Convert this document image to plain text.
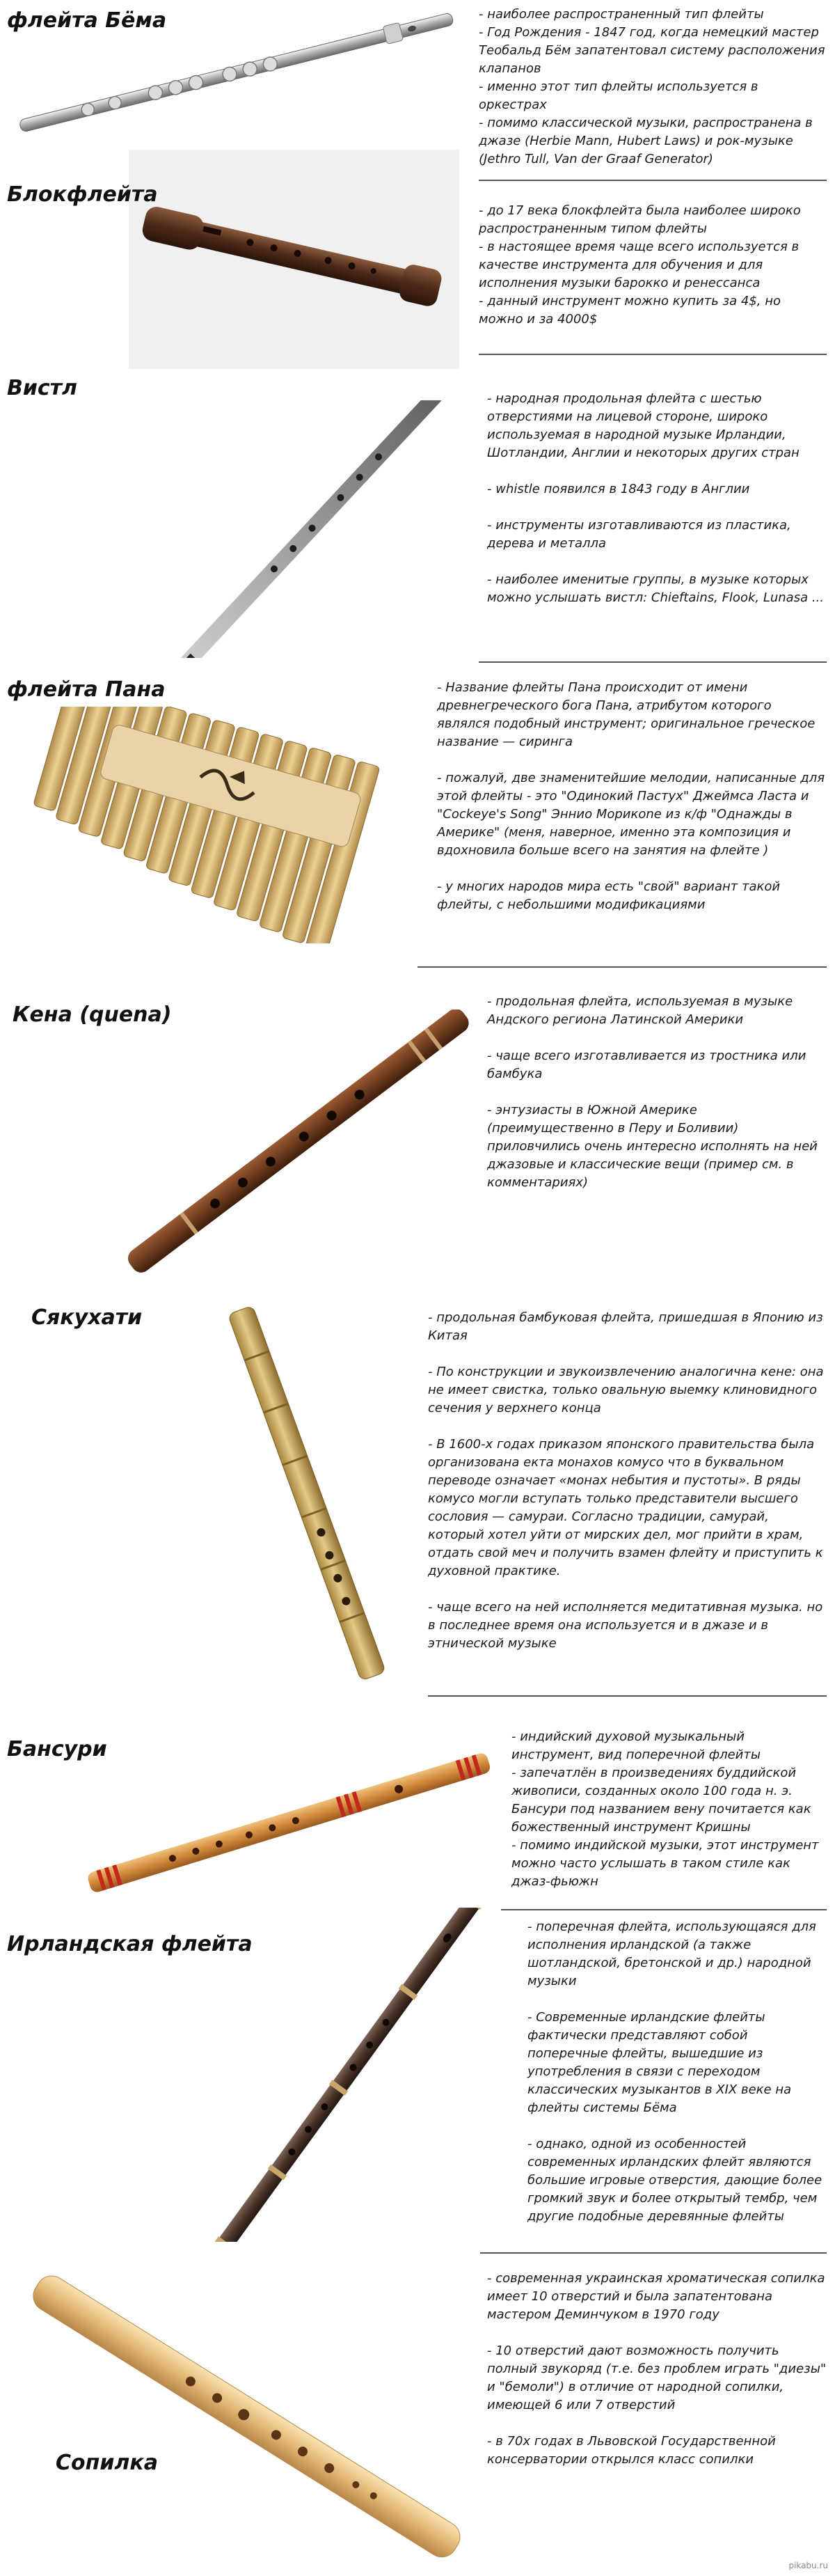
флейта Бёма	- наиболее распространенный тип флейты
- Год Рождения - 1847 год, когда немецкий мастер Теобальд Бём запатентовал систему расположения клапанов
- именно этот тип флейты используется в оркестрах
- помимо классической музыки, распространена в джазе (Herbie Mann, Hubert Laws) и рок-музыке (Jethro Tull, Van der Graaf Generator)

Блокфлейта

- до 17 века блокфлейта была наиболее широко распространенным типом флейты
- в настоящее время чаще всего используется в качестве инструмента для обучения и для исполнения музыки барокко и ренессанса
- данный инструмент можно купить за 4$, но можно и за 4000$

Вистл	- народная продольная флейта с шестью отверстиями на лицевой стороне, широко используемая в народной музыке Ирландии, Шотландии, Англии и некоторых других стран

- whistle появился в 1843 году в Англии

- инструменты изготавливаются из пластика, дерева и металла

- наиболее именитые группы, в музыке которых можно услышать вистл: Chieftains, Flook, Lunasa ...

флейта Пана	- Название флейты Пана происходит от имени древнегреческого бога Пана, атрибутом которого являлся подобный инструмент; оригинальное греческое название — сиринга

- пожалуй, две знаменитейшие мелодии, написанные для этой флейты - это "Одинокий Пастух" Джеймса Ласта и "Cockeye's Song" Эннио Морикone из к/ф "Однажды в Америке" (меня, наверное, именно эта композиция и вдохновила больше всего на занятия на флейте )

- у многих народов мира есть "свой" вариант такой флейты, с небольшими модификациями

Кена (quena)

- продольная флейта, используемая в музыке Андского региона Латинской Америки

- чаще всего изготавливается из тростника или бамбука

- энтузиасты в Южной Америке (преимущественно в Перу и Боливии) приловчились очень интересно исполнять на ней джазовые и классические вещи (пример см. в комментариях)

Сякухати	- продольная бамбуковая флейта, пришедшая в Японию из Китая

- По конструкции и звукоизвлечению аналогична кене: она не имеет свистка, только овальную выемку клиновидного сечения у верхнего конца

- В 1600-х годах приказом японского правительства была организована екта монахов комусо что в буквальном переводе означает «монах небытия и пустоты». В ряды комусо могли вступать только представители высшего сословия — самураи. Согласно традиции, самурай, который хотел уйти от мирских дел, мог прийти в храм, отдать свой меч и получить взамен флейту и приступить к духовной практике.

- чаще всего на ней исполняется медитативная музыка. но в последнее время она используется и в джазе и в этнической музыке

Бансури

- индийский духовой музыкальный инструмент, вид поперечной флейты
- запечатлён в произведениях буддийской живописи, созданных около 100 года н. э. Бансури под названием вену почитается как божественный инструмент Кришны
- помимо индийской музыки, этот инструмент можно часто услышать в таком стиле как джаз-фьюжн

Ирландская флейта

- поперечная флейта, использующаяся для исполнения ирландской (а также шотландской, бретонской и др.) народной музыки

- Современные ирландские флейты фактически представляют собой поперечные флейты, вышедшие из употребления в связи с переходом классических музыкантов в XIX веке на флейты системы Бёма

- однако, одной из особенностей современных ирландских флейт являются большие игровые отверстия, дающие более громкий звук и более открытый тембр, чем другие подобные деревянные флейты

Сопилка

- современная украинская хроматическая сопилка имеет 10 отверстий и была запатентована мастером Деминчуком в 1970 году

- 10 отверстий дают возможность получить полный звукоряд (т.е. без проблем играть "диезы" и "бемоли") в отличие от народной сопилки, имеющей 6 или 7 отверстий

- в 70х годах в Львовской Государственной консерватории открылся класс сопилки

pikabu.ru
